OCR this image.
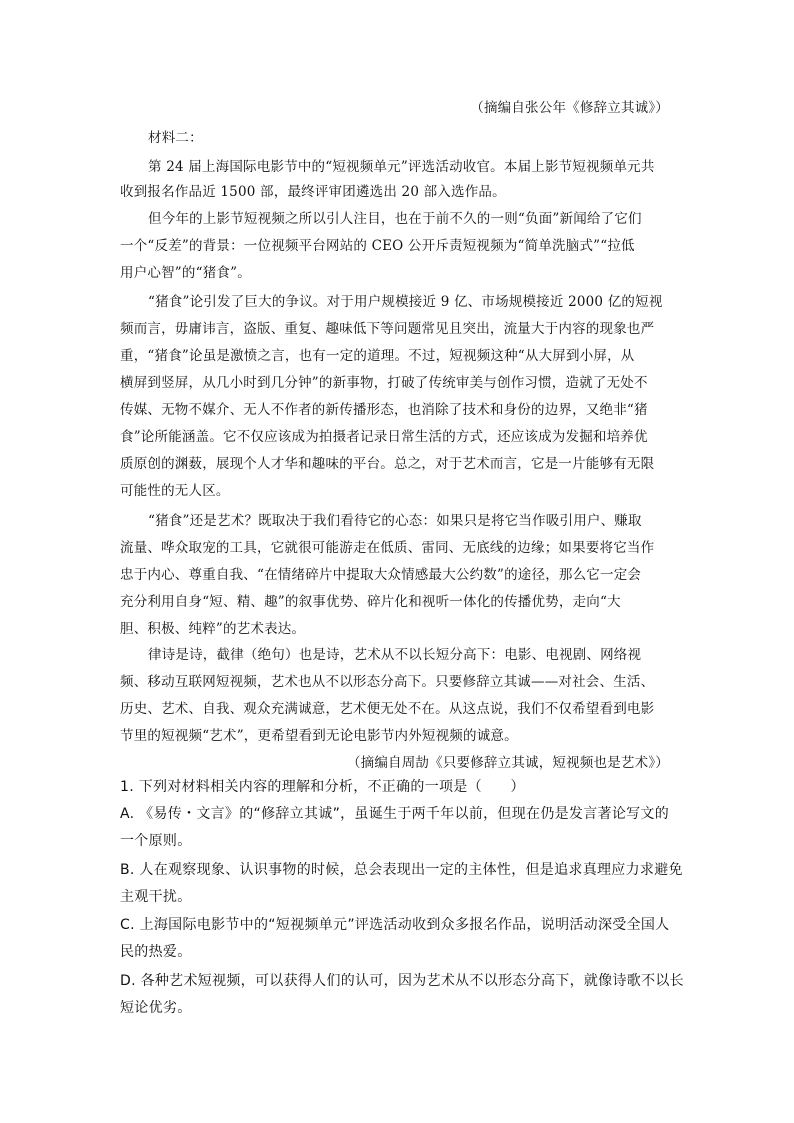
（摘编自张公年《修辞立其诚》）
材料二：
第 24 届上海国际电影节中的“短视频单元”评选活动收官。本届上影节短视频单元共
收到报名作品近 1500 部，最终评审团遴选出 20 部入选作品。
但今年的上影节短视频之所以引人注目，也在于前不久的一则“负面”新闻给了它们
一个“反差”的背景：一位视频平台网站的 CEO 公开斥责短视频为“简单洗脑式”“拉低
用户心智”的“猪食”。
“猪食”论引发了巨大的争议。对于用户规模接近 9 亿、市场规模接近 2000 亿的短视
频而言，毋庸讳言，盗版、重复、趣味低下等问题常见且突出，流量大于内容的现象也严
重，“猪食”论虽是激愤之言，也有一定的道理。不过，短视频这种“从大屏到小屏，从
横屏到竖屏，从几小时到几分钟”的新事物，打破了传统审美与创作习惯，造就了无处不
传媒、无物不媒介、无人不作者的新传播形态，也消除了技术和身份的边界，又绝非“猪
食”论所能涵盖。它不仅应该成为拍摄者记录日常生活的方式，还应该成为发掘和培养优
质原创的渊薮，展现个人才华和趣味的平台。总之，对于艺术而言，它是一片能够有无限
可能性的无人区。
“猪食”还是艺术？既取决于我们看待它的心态：如果只是将它当作吸引用户、赚取
流量、哗众取宠的工具，它就很可能游走在低质、雷同、无底线的边缘；如果要将它当作
忠于内心、尊重自我、“在情绪碎片中提取大众情感最大公约数”的途径，那么它一定会
充分利用自身“短、精、趣”的叙事优势、碎片化和视听一体化的传播优势，走向“大
胆、积极、纯粹”的艺术表达。
律诗是诗，截律（绝句）也是诗，艺术从不以长短分高下：电影、电视剧、网络视
频、移动互联网短视频，艺术也从不以形态分高下。只要修辞立其诚——对社会、生活、
历史、艺术、自我、观众充满诚意，艺术便无处不在。从这点说，我们不仅希望看到电影
节里的短视频“艺术”，更希望看到无论电影节内外短视频的诚意。
（摘编自周劼《只要修辞立其诚，短视频也是艺术》）
1. 下列对材料相关内容的理解和分析，不正确的一项是（　　）
A. 《易传・文言》的“修辞立其诚”，虽诞生于两千年以前，但现在仍是发言著论写文的
一个原则。
B. 人在观察现象、认识事物的时候，总会表现出一定的主体性，但是追求真理应力求避免
主观干扰。
C. 上海国际电影节中的“短视频单元”评选活动收到众多报名作品，说明活动深受全国人
民的热爱。
D. 各种艺术短视频，可以获得人们的认可，因为艺术从不以形态分高下，就像诗歌不以长
短论优劣。
